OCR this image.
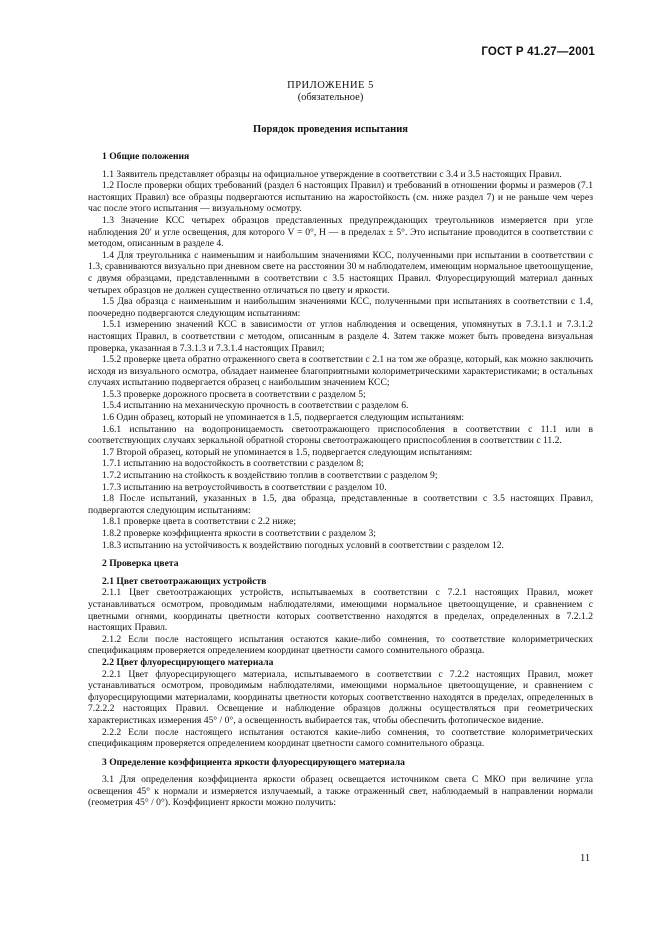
ГОСТ Р 41.27—2001
ПРИЛОЖЕНИЕ 5
(обязательное)
Порядок проведения испытания
1 Общие положения

1.1 Заявитель представляет образцы на официальное утверждение в соответствии с 3.4 и 3.5 настоящих Правил.

1.2 После проверки общих требований (раздел 6 настоящих Правил) и требований в отношении формы и размеров (7.1 настоящих Правил) все образцы подвергаются испытанию на жаростойкость (см. ниже раздел 7) и не раньше чем через час после этого испытания — визуальному осмотру.

1.3 Значение КСС четырех образцов представленных предупреждающих треугольников измеряется при угле наблюдения 20′ и угле освещения, для которого V = 0°, H — в пределах ± 5°. Это испытание проводится в соответствии с методом, описанным в разделе 4.

1.4 Для треугольника с наименьшим и наибольшим значениями КСС, полученными при испытании в соответствии с 1.3, сравниваются визуально при дневном свете на расстоянии 30 м наблюдателем, имеющим нормальное цветоощущение, с двумя образцами, представленными в соответствии с 3.5 настоящих Правил. Флуоресцирующий материал данных четырех образцов не должен существенно отличаться по цвету и яркости.

1.5 Два образца с наименьшим и наибольшим значениями КСС, полученными при испытаниях в соответствии с 1.4, поочередно подвергаются следующим испытаниям:

1.5.1 измерению значений КСС в зависимости от углов наблюдения и освещения, упомянутых в 7.3.1.1 и 7.3.1.2 настоящих Правил, в соответствии с методом, описанным в разделе 4. Затем также может быть проведена визуальная проверка, указанная в 7.3.1.3 и 7.3.1.4 настоящих Правил;

1.5.2 проверке цвета обратно отраженного света в соответствии с 2.1 на том же образце, который, как можно заключить исходя из визуального осмотра, обладает наименее благоприятными колориметрическими характеристиками; в остальных случаях испытанию подвергается образец с наибольшим значением КСС;

1.5.3 проверке дорожного просвета в соответствии с разделом 5;

1.5.4 испытанию на механическую прочность в соответствии с разделом 6.

1.6 Один образец, который не упоминается в 1.5, подвергается следующим испытаниям:

1.6.1 испытанию на водопроницаемость светоотражающего приспособления в соответствии с 11.1 или в соответствующих случаях зеркальной обратной стороны светоотражающего приспособления в соответствии с 11.2.

1.7 Второй образец, который не упоминается в 1.5, подвергается следующим испытаниям:

1.7.1 испытанию на водостойкость в соответствии с разделом 8;

1.7.2 испытанию на стойкость к воздействию топлив в соответствии с разделом 9;

1.7.3 испытанию на ветроустойчивость в соответствии с разделом 10.

1.8 После испытаний, указанных в 1.5, два образца, представленные в соответствии с 3.5 настоящих Правил, подвергаются следующим испытаниям:

1.8.1 проверке цвета в соответствии с 2.2 ниже;

1.8.2 проверке коэффициента яркости в соответствии с разделом 3;

1.8.3 испытанию на устойчивость к воздействию погодных условий в соответствии с разделом 12.

2 Проверка цвета
2.1 Цвет светоотражающих устройств

2.1.1 Цвет светоотражающих устройств, испытываемых в соответствии с 7.2.1 настоящих Правил, может устанавливаться осмотром, проводимым наблюдателями, имеющими нормальное цветоощущение, и сравнением с цветными огнями, координаты цветности которых соответственно находятся в пределах, определенных в 7.2.1.2 настоящих Правил.

2.1.2 Если после настоящего испытания остаются какие-либо сомнения, то соответствие колориметрических спецификациям проверяется определением координат цветности самого сомнительного образца.

2.2 Цвет флуоресцирующего материала

2.2.1 Цвет флуоресцирующего материала, испытываемого в соответствии с 7.2.2 настоящих Правил, может устанавливаться осмотром, проводимым наблюдателями, имеющими нормальное цветоощущение, и сравнением с флуоресцирующими материалами, координаты цветности которых соответственно находятся в пределах, определенных в 7.2.2.2 настоящих Правил. Освещение и наблюдение образцов должны осуществляться при геометрических характеристиках измерения 45° / 0°, а освещенность выбирается так, чтобы обеспечить фотопическое видение.

2.2.2 Если после настоящего испытания остаются какие-либо сомнения, то соответствие колориметрических спецификациям проверяется определением координат цветности самого сомнительного образца.

3 Определение коэффициента яркости флуоресцирующего материала

3.1 Для определения коэффициента яркости образец освещается источником света С МКО при величине угла освещения 45° к нормали и измеряется излучаемый, а также отраженный свет, наблюдаемый в направлении нормали (геометрия 45° / 0°). Коэффициент яркости можно получить:

11
